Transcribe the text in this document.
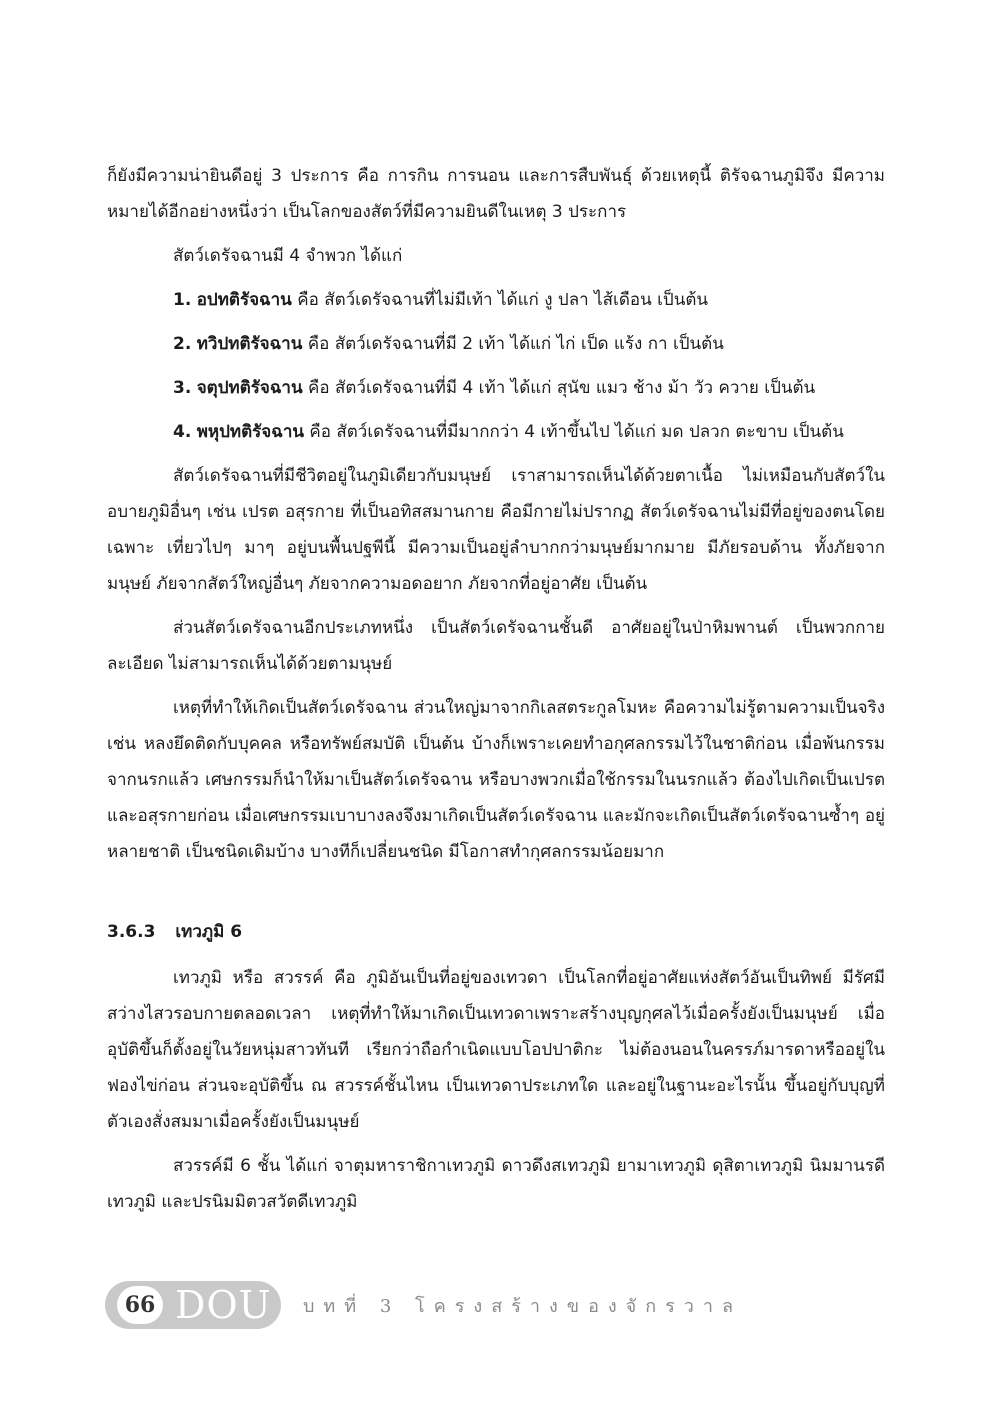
ก็ยังมีความน่ายินดีอยู่ 3 ประการ คือ การกิน การนอน และการสืบพันธุ์ ด้วยเหตุนี้ ติรัจฉานภูมิจึง มีความหมายได้อีกอย่างหนึ่งว่า เป็นโลกของสัตว์ที่มีความยินดีในเหตุ 3 ประการ

สัตว์เดรัจฉานมี 4 จำพวก ได้แก่

1. อปทติรัจฉาน คือ สัตว์เดรัจฉานที่ไม่มีเท้า ได้แก่ งู ปลา ไส้เดือน เป็นต้น

2. ทวิปทติรัจฉาน คือ สัตว์เดรัจฉานที่มี 2 เท้า ได้แก่ ไก่ เป็ด แร้ง กา เป็นต้น

3. จตุปทติรัจฉาน คือ สัตว์เดรัจฉานที่มี 4 เท้า ได้แก่ สุนัข แมว ช้าง ม้า วัว ควาย เป็นต้น

4. พหุปทติรัจฉาน คือ สัตว์เดรัจฉานที่มีมากกว่า 4 เท้าขึ้นไป ได้แก่ มด ปลวก ตะขาบ เป็นต้น

สัตว์เดรัจฉานที่มีชีวิตอยู่ในภูมิเดียวกับมนุษย์ เราสามารถเห็นได้ด้วยตาเนื้อ ไม่เหมือนกับสัตว์ในอบายภูมิอื่นๆ เช่น เปรต อสุรกาย ที่เป็นอทิสสมานกาย คือมีกายไม่ปรากฏ สัตว์เดรัจฉานไม่มีที่อยู่ของตนโดยเฉพาะ เที่ยวไปๆ มาๆ อยู่บนพื้นปฐพีนี้ มีความเป็นอยู่ลำบากกว่ามนุษย์มากมาย มีภัยรอบด้าน ทั้งภัยจากมนุษย์ ภัยจากสัตว์ใหญ่อื่นๆ ภัยจากความอดอยาก ภัยจากที่อยู่อาศัย เป็นต้น

ส่วนสัตว์เดรัจฉานอีกประเภทหนึ่ง เป็นสัตว์เดรัจฉานชั้นดี อาศัยอยู่ในป่าหิมพานต์ เป็นพวกกายละเอียด ไม่สามารถเห็นได้ด้วยตามนุษย์

เหตุที่ทำให้เกิดเป็นสัตว์เดรัจฉาน ส่วนใหญ่มาจากกิเลสตระกูลโมหะ คือความไม่รู้ตามความเป็นจริง เช่น หลงยึดติดกับบุคคล หรือทรัพย์สมบัติ เป็นต้น บ้างก็เพราะเคยทำอกุศลกรรมไว้ในชาติก่อน เมื่อพ้นกรรมจากนรกแล้ว เศษกรรมก็นำให้มาเป็นสัตว์เดรัจฉาน หรือบางพวกเมื่อใช้กรรมในนรกแล้ว ต้องไปเกิดเป็นเปรตและอสุรกายก่อน เมื่อเศษกรรมเบาบางลงจึงมาเกิดเป็นสัตว์เดรัจฉาน และมักจะเกิดเป็นสัตว์เดรัจฉานซ้ำๆ อยู่หลายชาติ เป็นชนิดเดิมบ้าง บางทีก็เปลี่ยนชนิด มีโอกาสทำกุศลกรรมน้อยมาก

3.6.3 เทวภูมิ 6

เทวภูมิ หรือ สวรรค์ คือ ภูมิอันเป็นที่อยู่ของเทวดา เป็นโลกที่อยู่อาศัยแห่งสัตว์อันเป็นทิพย์ มีรัศมีสว่างไสวรอบกายตลอดเวลา เหตุที่ทำให้มาเกิดเป็นเทวดาเพราะสร้างบุญกุศลไว้เมื่อครั้งยังเป็นมนุษย์ เมื่ออุบัติขึ้นก็ตั้งอยู่ในวัยหนุ่มสาวทันที เรียกว่าถือกำเนิดแบบโอปปาติกะ ไม่ต้องนอนในครรภ์มารดาหรืออยู่ในฟองไข่ก่อน ส่วนจะอุบัติขึ้น ณ สวรรค์ชั้นไหน เป็นเทวดาประเภทใด และอยู่ในฐานะอะไรนั้น ขึ้นอยู่กับบุญที่ตัวเองสั่งสมมาเมื่อครั้งยังเป็นมนุษย์

สวรรค์มี 6 ชั้น ได้แก่ จาตุมหาราชิกาเทวภูมิ ดาวดึงสเทวภูมิ ยามาเทวภูมิ ดุสิตาเทวภูมิ นิมมานรดีเทวภูมิ และปรนิมมิตวสวัตดีเทวภูมิ

66 DOU บทที่ 3 โครงสร้างของจักรวาล
